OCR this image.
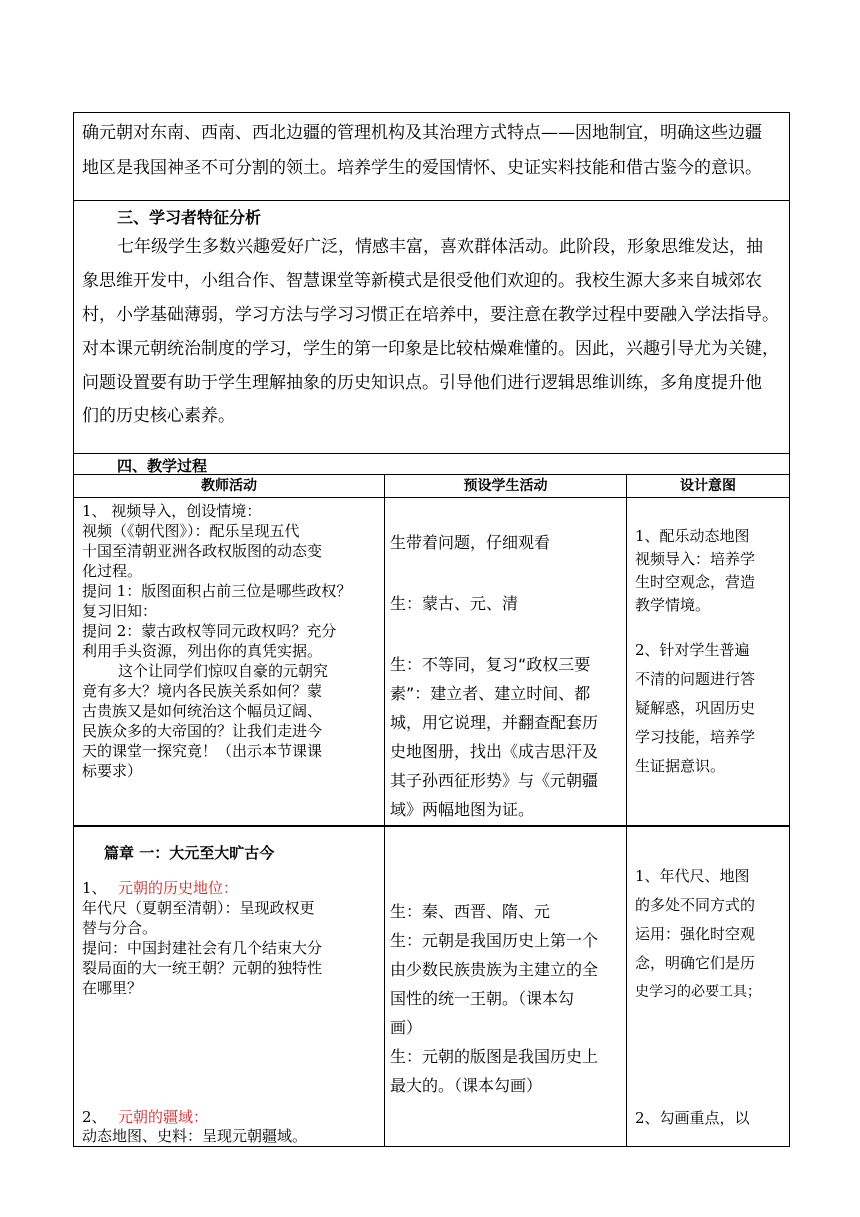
确元朝对东南、西南、西北边疆的管理机构及其治理方式特点——因地制宜，明确这些边疆
地区是我国神圣不可分割的领土。培养学生的爱国情怀、史证实料技能和借古鉴今的意识。
三、学习者特征分析
七年级学生多数兴趣爱好广泛，情感丰富，喜欢群体活动。此阶段，形象思维发达，抽
象思维开发中，小组合作、智慧课堂等新模式是很受他们欢迎的。我校生源大多来自城郊农
村，小学基础薄弱，学习方法与学习习惯正在培养中，要注意在教学过程中要融入学法指导。
对本课元朝统治制度的学习，学生的第一印象是比较枯燥难懂的。因此，兴趣引导尤为关键，
问题设置要有助于学生理解抽象的历史知识点。引导他们进行逻辑思维训练，多角度提升他
们的历史核心素养。
四、教学过程
教师活动	预设学生活动	设计意图
1、 视频导入，创设情境：
视频（《朝代图》）：配乐呈现五代
十国至清朝亚洲各政权版图的动态变
化过程。
提问 1：版图面积占前三位是哪些政权？
复习旧知：
提问 2：蒙古政权等同元政权吗？充分
利用手头资源，列出你的真凭实据。
这个让同学们惊叹自豪的元朝究
竟有多大？境内各民族关系如何？蒙
古贵族又是如何统治这个幅员辽阔、
民族众多的大帝国的？让我们走进今
天的课堂一探究竟！（出示本节课课
标要求）
生带着问题，仔细观看
生：蒙古、元、清
生：不等同，复习“政权三要
素”：建立者、建立时间、都
城，用它说理，并翻查配套历
史地图册，找出《成吉思汗及
其子孙西征形势》与《元朝疆
域》两幅地图为证。
1、配乐动态地图
视频导入：培养学
生时空观念，营造
教学情境。
2、针对学生普遍
不清的问题进行答
疑解惑，巩固历史
学习技能，培养学
生证据意识。
篇章 一：大元至大旷古今
1、 元朝的历史地位：
年代尺（夏朝至清朝）：呈现政权更
替与分合。
提问：中国封建社会有几个结束大分
裂局面的大一统王朝？元朝的独特性
在哪里？
2、 元朝的疆域：
动态地图、史料：呈现元朝疆域。
生：秦、西晋、隋、元
生：元朝是我国历史上第一个
由少数民族贵族为主建立的全
国性的统一王朝。（课本勾
画）
生：元朝的版图是我国历史上
最大的。（课本勾画）
1、年代尺、地图
的多处不同方式的
运用：强化时空观
念，明确它们是历
史学习的必要工具；
2、勾画重点，以
